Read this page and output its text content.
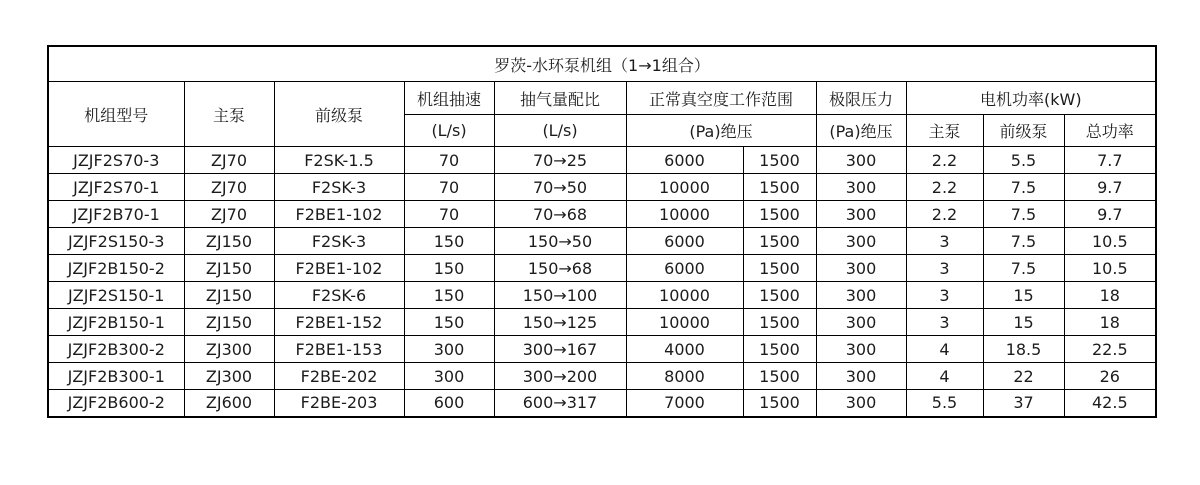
罗茨-水环泵机组（1→1组合）										
机组型号	主泵	前级泵	机组抽速	抽气量配比	正常真空度工作范围		极限压力	电机功率(kW)		
			(L/s)	(L/s)	(Pa)绝压		(Pa)绝压	主泵	前级泵	总功率
JZJF2S70-3	ZJ70	F2SK-1.5	70	70→25	6000	1500	300	2.2	5.5	7.7
JZJF2S70-1	ZJ70	F2SK-3	70	70→50	10000	1500	300	2.2	7.5	9.7
JZJF2B70-1	ZJ70	F2BE1-102	70	70→68	10000	1500	300	2.2	7.5	9.7
JZJF2S150-3	ZJ150	F2SK-3	150	150→50	6000	1500	300	3	7.5	10.5
JZJF2B150-2	ZJ150	F2BE1-102	150	150→68	6000	1500	300	3	7.5	10.5
JZJF2S150-1	ZJ150	F2SK-6	150	150→100	10000	1500	300	3	15	18
JZJF2B150-1	ZJ150	F2BE1-152	150	150→125	10000	1500	300	3	15	18
JZJF2B300-2	ZJ300	F2BE1-153	300	300→167	4000	1500	300	4	18.5	22.5
JZJF2B300-1	ZJ300	F2BE-202	300	300→200	8000	1500	300	4	22	26
JZJF2B600-2	ZJ600	F2BE-203	600	600→317	7000	1500	300	5.5	37	42.5
